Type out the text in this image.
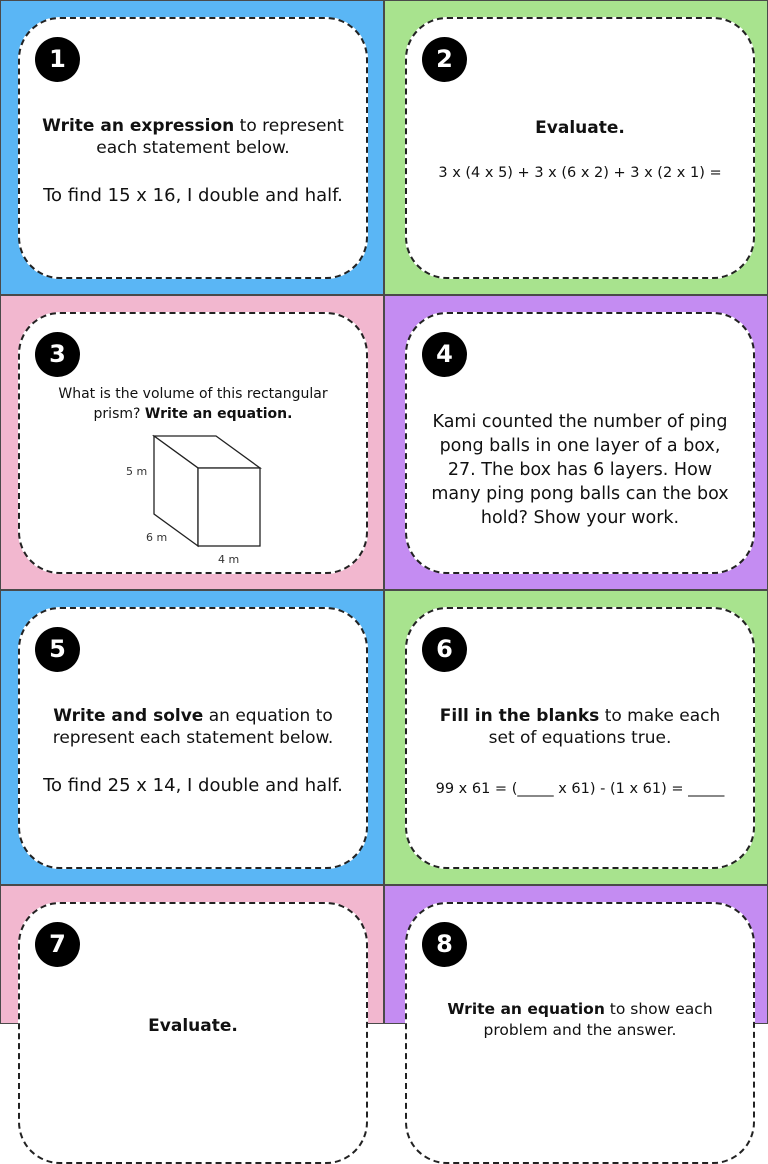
1
Write an expression to represent each statement below.
To find 15 x 16, I double and half.
2
Evaluate.
3 x (4 x 5) + 3 x (6 x 2) + 3 x (2 x 1) =
3
What is the volume of this rectangular prism? Write an equation.
5 m
6 m
4 m
4
Kami counted the number of ping pong balls in one layer of a box, 27. The box has 6 layers. How many ping pong balls can the box hold? Show your work.
5
Write and solve an equation to represent each statement below.
To find 25 x 14, I double and half.
6
Fill in the blanks to make each set of equations true.
99 x 61 = (_____ x 61) - (1 x 61) = _____
7
Evaluate.
8
Write an equation to show each problem and the answer.
